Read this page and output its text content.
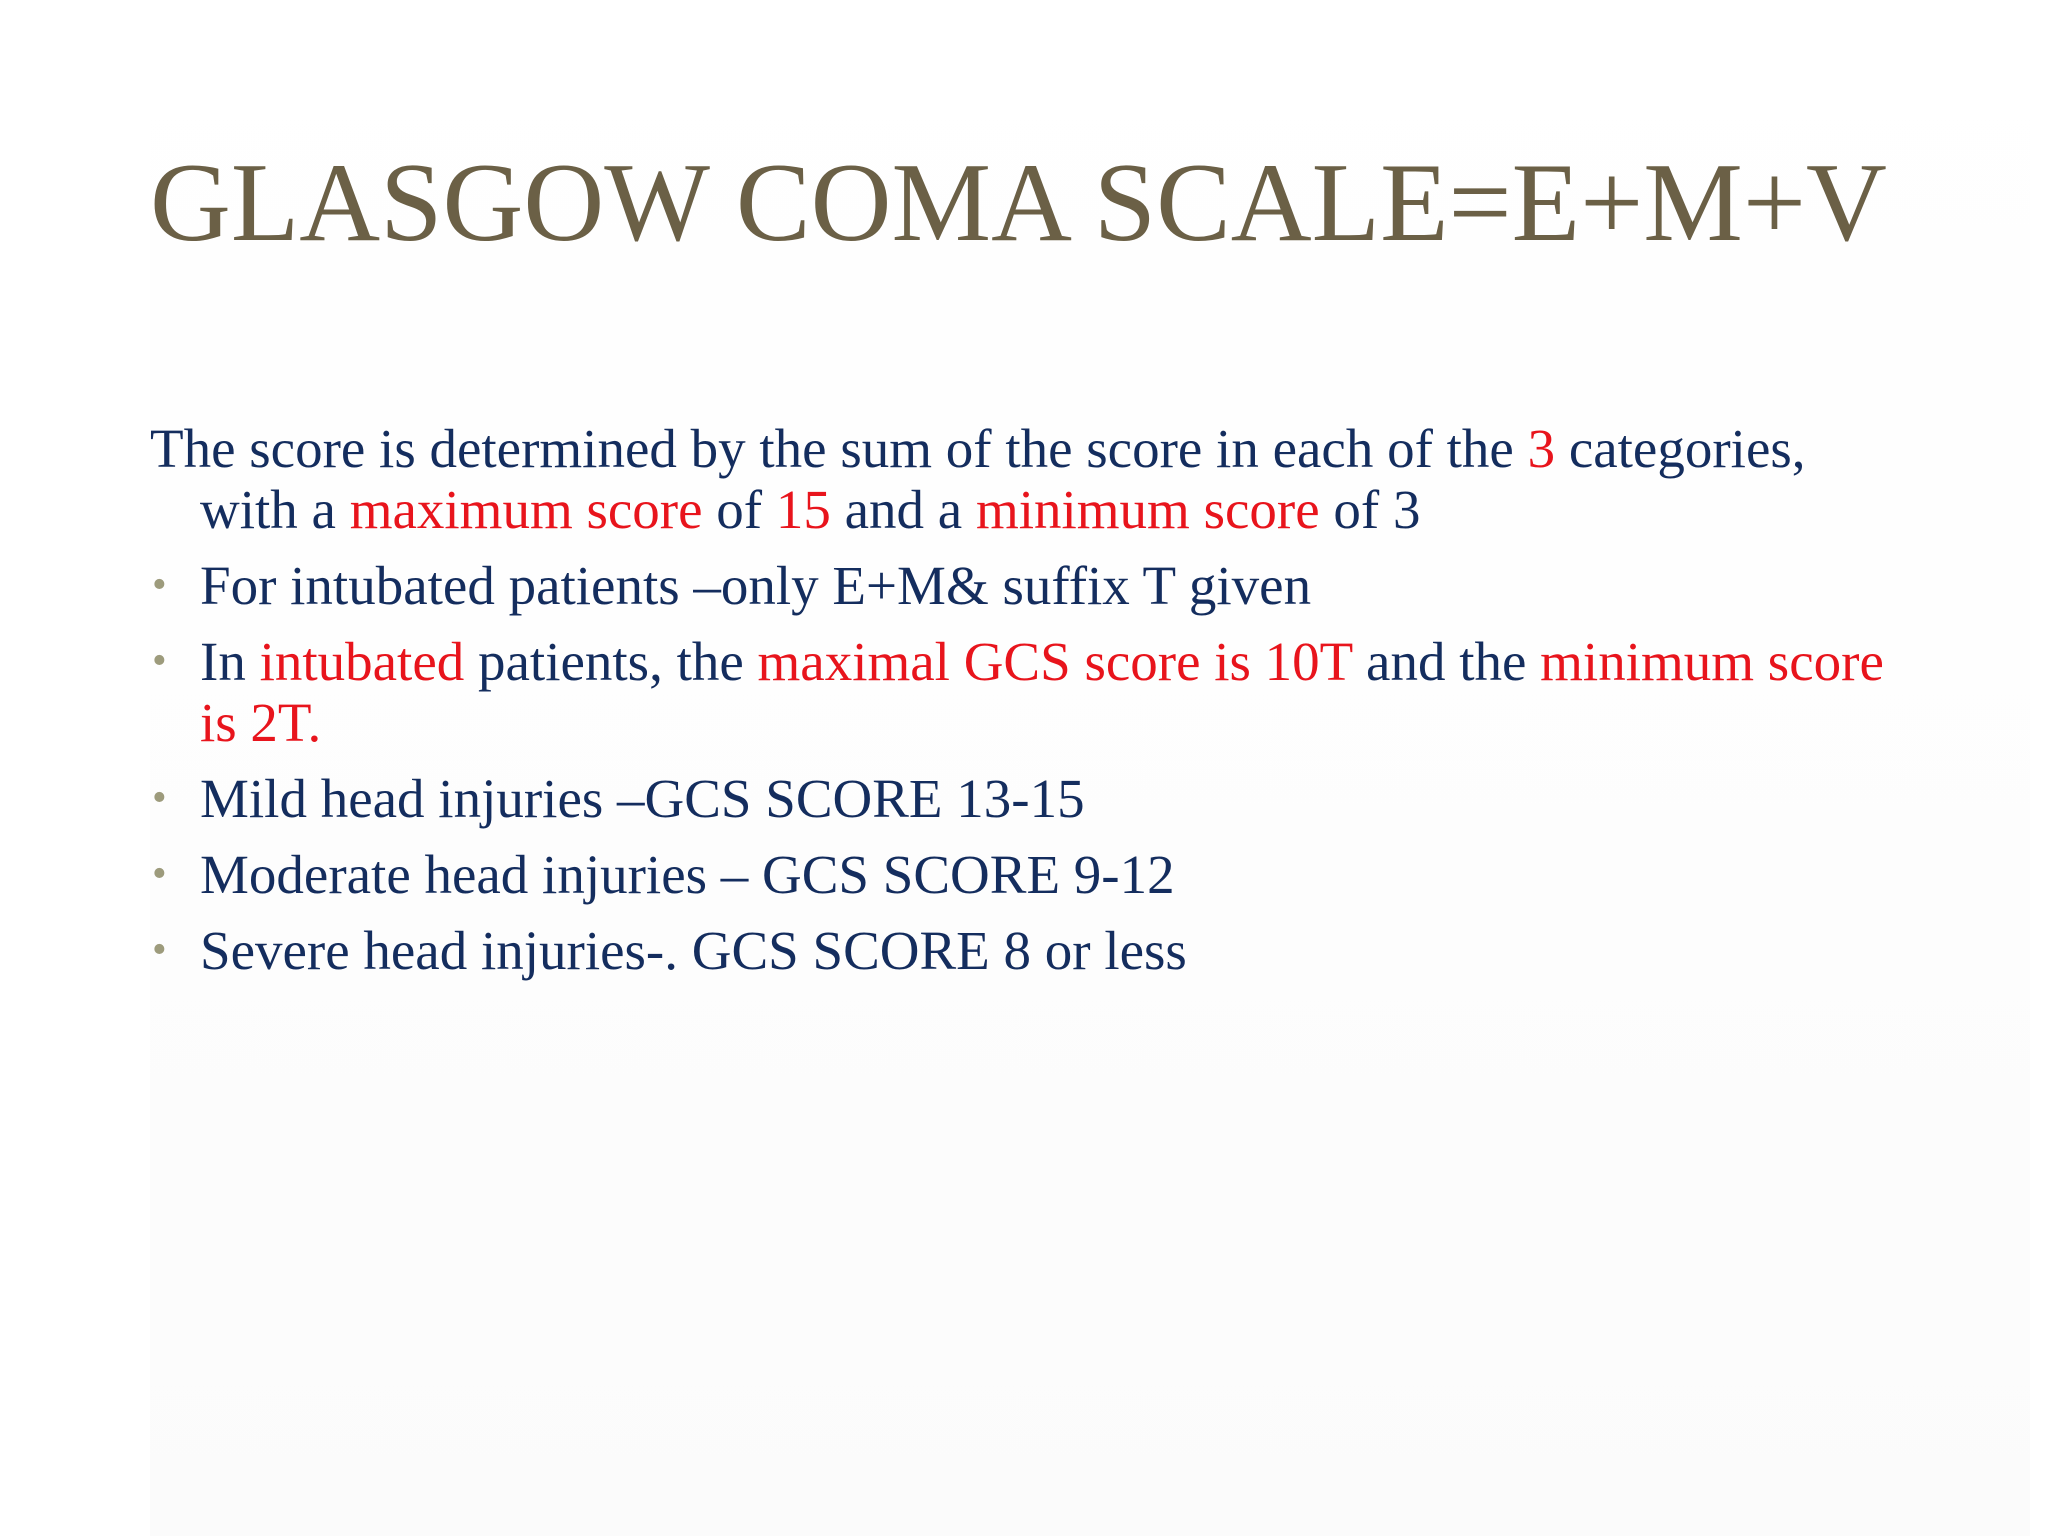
GLASGOW COMA SCALE=E+M+V

The score is determined by the sum of the score in each of the 3 categories, with a maximum score of 15 and a minimum score of 3

• For intubated patients –only E+M& suffix T given
• In intubated patients, the maximal GCS score is 10T and the minimum score is 2T.
• Mild head injuries –GCS SCORE 13-15
• Moderate head injuries – GCS SCORE 9-12
• Severe head injuries-. GCS SCORE 8 or less
